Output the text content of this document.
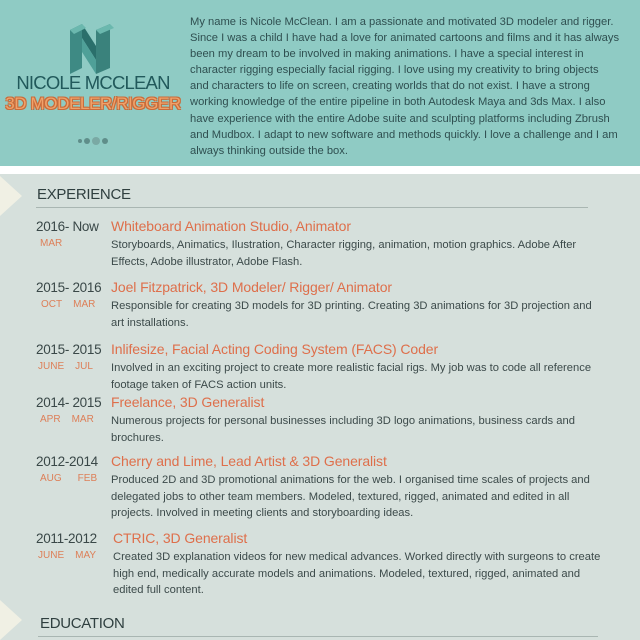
NICOLE MCCLEAN
3D MODELER/RIGGER
My name is Nicole McClean. I am a passionate and motivated 3D modeler and rigger. Since I was a child I have had a love for animated cartoons and films and it has always been my dream to be involved in making animations. I have a special interest in character rigging especially facial rigging. I love using my creativity to bring objects and characters to life on screen, creating worlds that do not exist. I have a strong working knowledge of the entire pipeline in both Autodesk Maya and 3ds Max. I also have experience with the entire Adobe suite and sculpting platforms including Zbrush and Mudbox. I adapt to new software and methods quickly. I love a challenge and I am always thinking outside the box.
EXPERIENCE
2016- Now
MAR
Whiteboard Animation Studio, Animator
Storyboards, Animatics, Ilustration, Character rigging, animation, motion graphics. Adobe After Effects, Adobe illustrator, Adobe Flash.
2015- 2016
OCT MAR
Joel Fitzpatrick, 3D Modeler/ Rigger/ Animator
Responsible for creating 3D models for 3D printing. Creating 3D animations for 3D projection and art installations.
2015- 2015
JUNE JUL
Inlifesize, Facial Acting Coding System (FACS) Coder
Involved in an exciting project to create more realistic facial rigs. My job was to code all reference footage taken of FACS action units.
2014- 2015
APR MAR
Freelance, 3D Generalist
Numerous projects for personal businesses including 3D logo animations, business cards and brochures.
2012-2014
AUG FEB
Cherry and Lime, Lead Artist & 3D Generalist
Produced 2D and 3D promotional animations for the web. I organised time scales of projects and delegated jobs to other team members. Modeled, textured, rigged, animated and edited in all projects. Involved in meeting clients and storyboarding ideas.
2011-2012
JUNE MAY
CTRIC, 3D Generalist
Created 3D explanation videos for new medical advances. Worked directly with surgeons to create high end, medically accurate models and animations. Modeled, textured, rigged, animated and edited full content.
EDUCATION
